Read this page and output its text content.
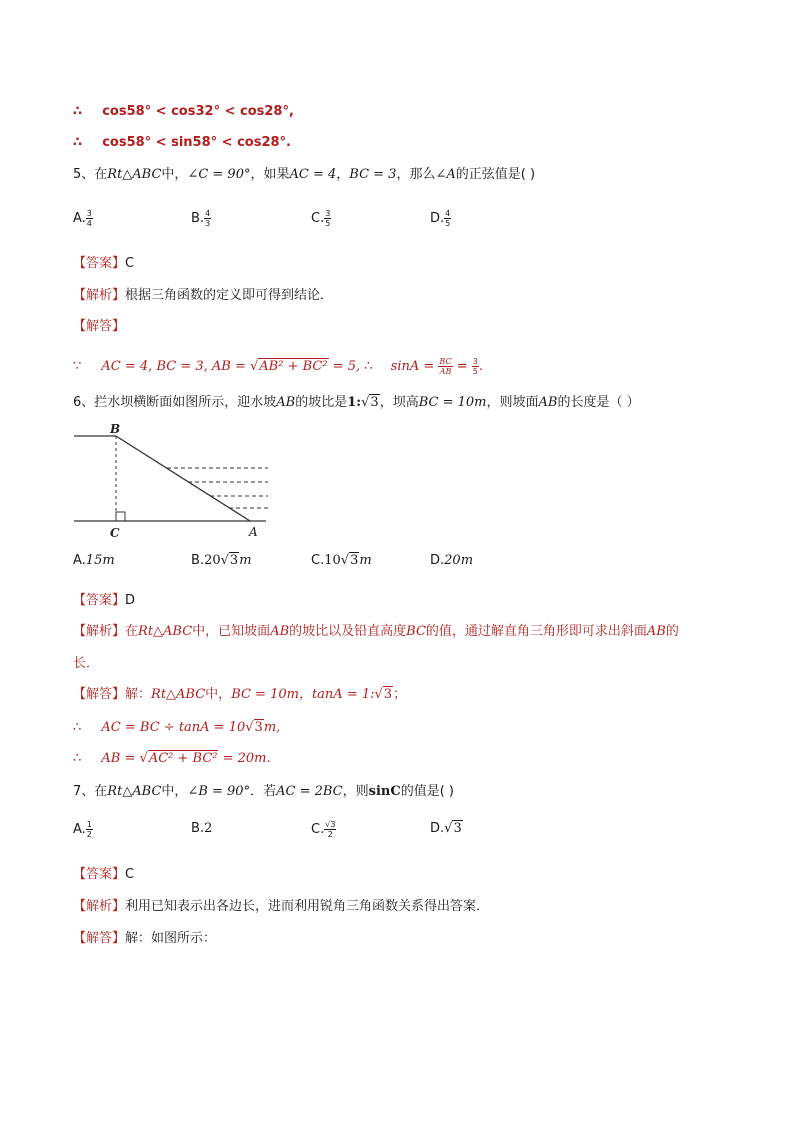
∴ cos58° < cos32° < cos28°,
∴ cos58° < sin58° < cos28°.
5、在Rt△ABC中，∠C = 90°，如果AC = 4，BC = 3，那么∠A的正弦值是( )
A. $\frac{3}{4}$	B. $\frac{4}{3}$	C. $\frac{3}{5}$	D. $\frac{4}{5}$
【答案】C
【解析】根据三角函数的定义即可得到结论．
【解答】
∵ AC = 4, BC = 3, AB = √AB² + BC² = 5, ∴ $\sin A = \frac{BC}{AB} = \frac{3}{5}$ .
6、拦水坝横断面如图所示，迎水坡AB的坡比是1:√3，坝高BC = 10m，则坡面AB的长度是（ ）
B
C	A
A.15m	B.20√3m	C.10√3m	D.20m
【答案】D
【解析】在Rt△ABC中，已知坡面AB的坡比以及铅直高度BC的值，通过解直角三角形即可求出斜面AB的
长．
【解答】解：Rt△ABC中，BC = 10m，tanA = 1:√3；
∴ AC = BC ÷ tanA = 10√3m,
∴ AB = √AC² + BC² = 20m.
7、在Rt△ABC中，∠B = 90°．若AC = 2BC，则sinC的值是( )
A. $\frac{1}{2}$	B.2	C. $\frac{√3}{2}$	D.√3
【答案】C
【解析】利用已知表示出各边长，进而利用锐角三角函数关系得出答案．
【解答】解：如图所示：
